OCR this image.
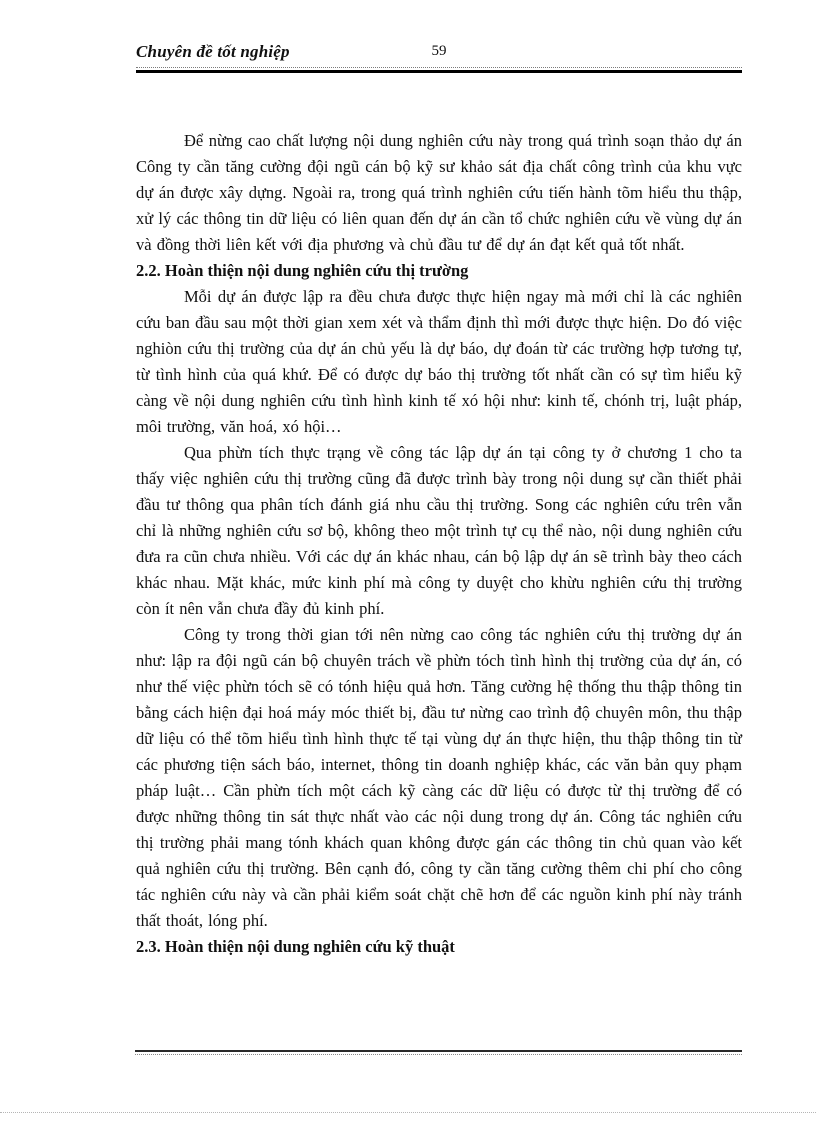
Chuyên đề tốt nghiệp	59

Để nừng cao chất lượng nội dung nghiên cứu này trong quá trình soạn thảo dự án Công ty cần tăng cường đội ngũ cán bộ kỹ sư khảo sát địa chất công trình của khu vực dự án được xây dựng. Ngoài ra, trong quá trình nghiên cứu tiến hành tõm hiểu thu thập, xử lý các thông tin dữ liệu có liên quan đến dự án cần tổ chức nghiên cứu về vùng dự án và đồng thời liên kết với địa phương và chủ đầu tư để dự án đạt kết quả tốt nhất.

2.2. Hoàn thiện nội dung nghiên cứu thị trường

Mỗi dự án được lập ra đều chưa được thực hiện ngay mà mới chỉ là các nghiên cứu ban đầu sau một thời gian xem xét và thẩm định thì mới được thực hiện. Do đó việc nghiòn cứu thị trường của dự án chủ yếu là dự báo, dự đoán từ các trường hợp tương tự, từ tình hình của quá khứ. Để có được dự báo thị trường tốt nhất cần có sự tìm hiểu kỹ càng về nội dung nghiên cứu tình hình kinh tế xó hội như: kinh tế, chónh trị, luật pháp, môi trường, văn hoá, xó hội…

Qua phừn tích thực trạng về công tác lập dự án tại công ty ở chương 1 cho ta thấy việc nghiên cứu thị trường cũng đã được trình bày trong nội dung sự cần thiết phải đầu tư thông qua phân tích đánh giá nhu cầu thị trường. Song các nghiên cứu trên vẫn chỉ là những nghiên cứu sơ bộ, không theo một trình tự cụ thể nào, nội dung nghiên cứu đưa ra cũn chưa nhiều. Với các dự án khác nhau, cán bộ lập dự án sẽ trình bày theo cách khác nhau. Mặt khác, mức kinh phí mà công ty duyệt cho khừu nghiên cứu thị trường còn ít nên vẫn chưa đầy đủ kinh phí.

Công ty trong thời gian tới nên nừng cao công tác nghiên cứu thị trường dự án như: lập ra đội ngũ cán bộ chuyên trách về phừn tóch tình hình thị trường của dự án, có như thế việc phừn tóch sẽ có tónh hiệu quả hơn. Tăng cường hệ thống thu thập thông tin bằng cách hiện đại hoá máy móc thiết bị, đầu tư nừng cao trình độ chuyên môn, thu thập dữ liệu có thể tõm hiểu tình hình thực tế tại vùng dự án thực hiện, thu thập thông tin từ các phương tiện sách báo, internet, thông tin doanh nghiệp khác, các văn bản quy phạm pháp luật… Cần phừn tích một cách kỹ càng các dữ liệu có được từ thị trường để có được những thông tin sát thực nhất vào các nội dung trong dự án. Công tác nghiên cứu thị trường phải mang tónh khách quan không được gán các thông tin chủ quan vào kết quả nghiên cứu thị trường. Bên cạnh đó, công ty cần tăng cường thêm chi phí cho công tác nghiên cứu này và cần phải kiểm soát chặt chẽ hơn để các nguồn kinh phí này tránh thất thoát, lóng phí.

2.3. Hoàn thiện nội dung nghiên cứu kỹ thuật
